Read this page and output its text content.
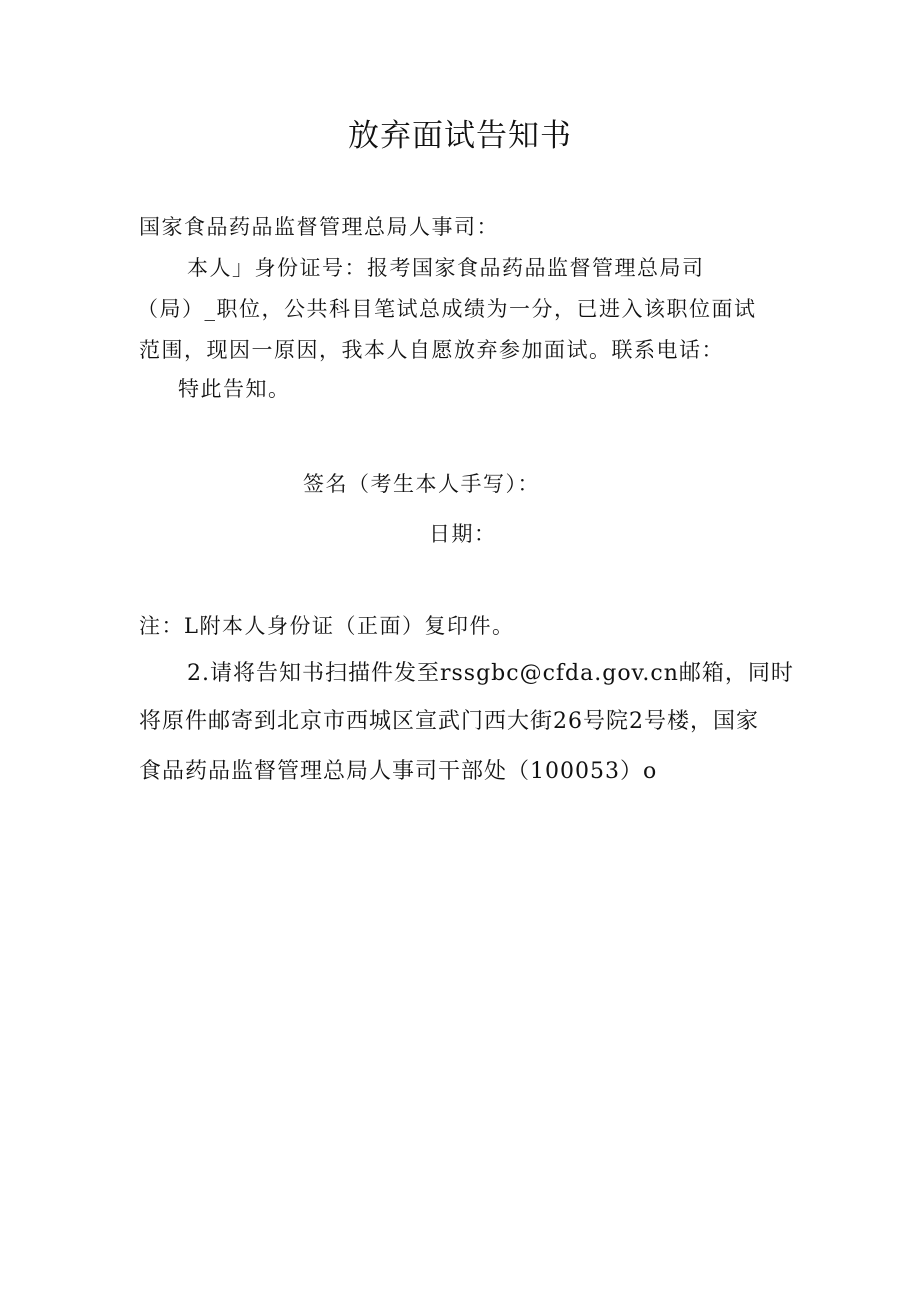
放弃面试告知书
国家食品药品监督管理总局人事司：
本人」身份证号：报考国家食品药品监督管理总局司
（局）_职位，公共科目笔试总成绩为一分，已进入该职位面试
范围，现因一原因，我本人自愿放弃参加面试。联系电话：
特此告知。
签名（考生本人手写）：
日期：
注：L附本人身份证（正面）复印件。
2.请将告知书扫描件发至rssgbc@cfda.gov.cn邮箱，同时
将原件邮寄到北京市西城区宣武门西大街26号院2号楼，国家
食品药品监督管理总局人事司干部处（100053）o
